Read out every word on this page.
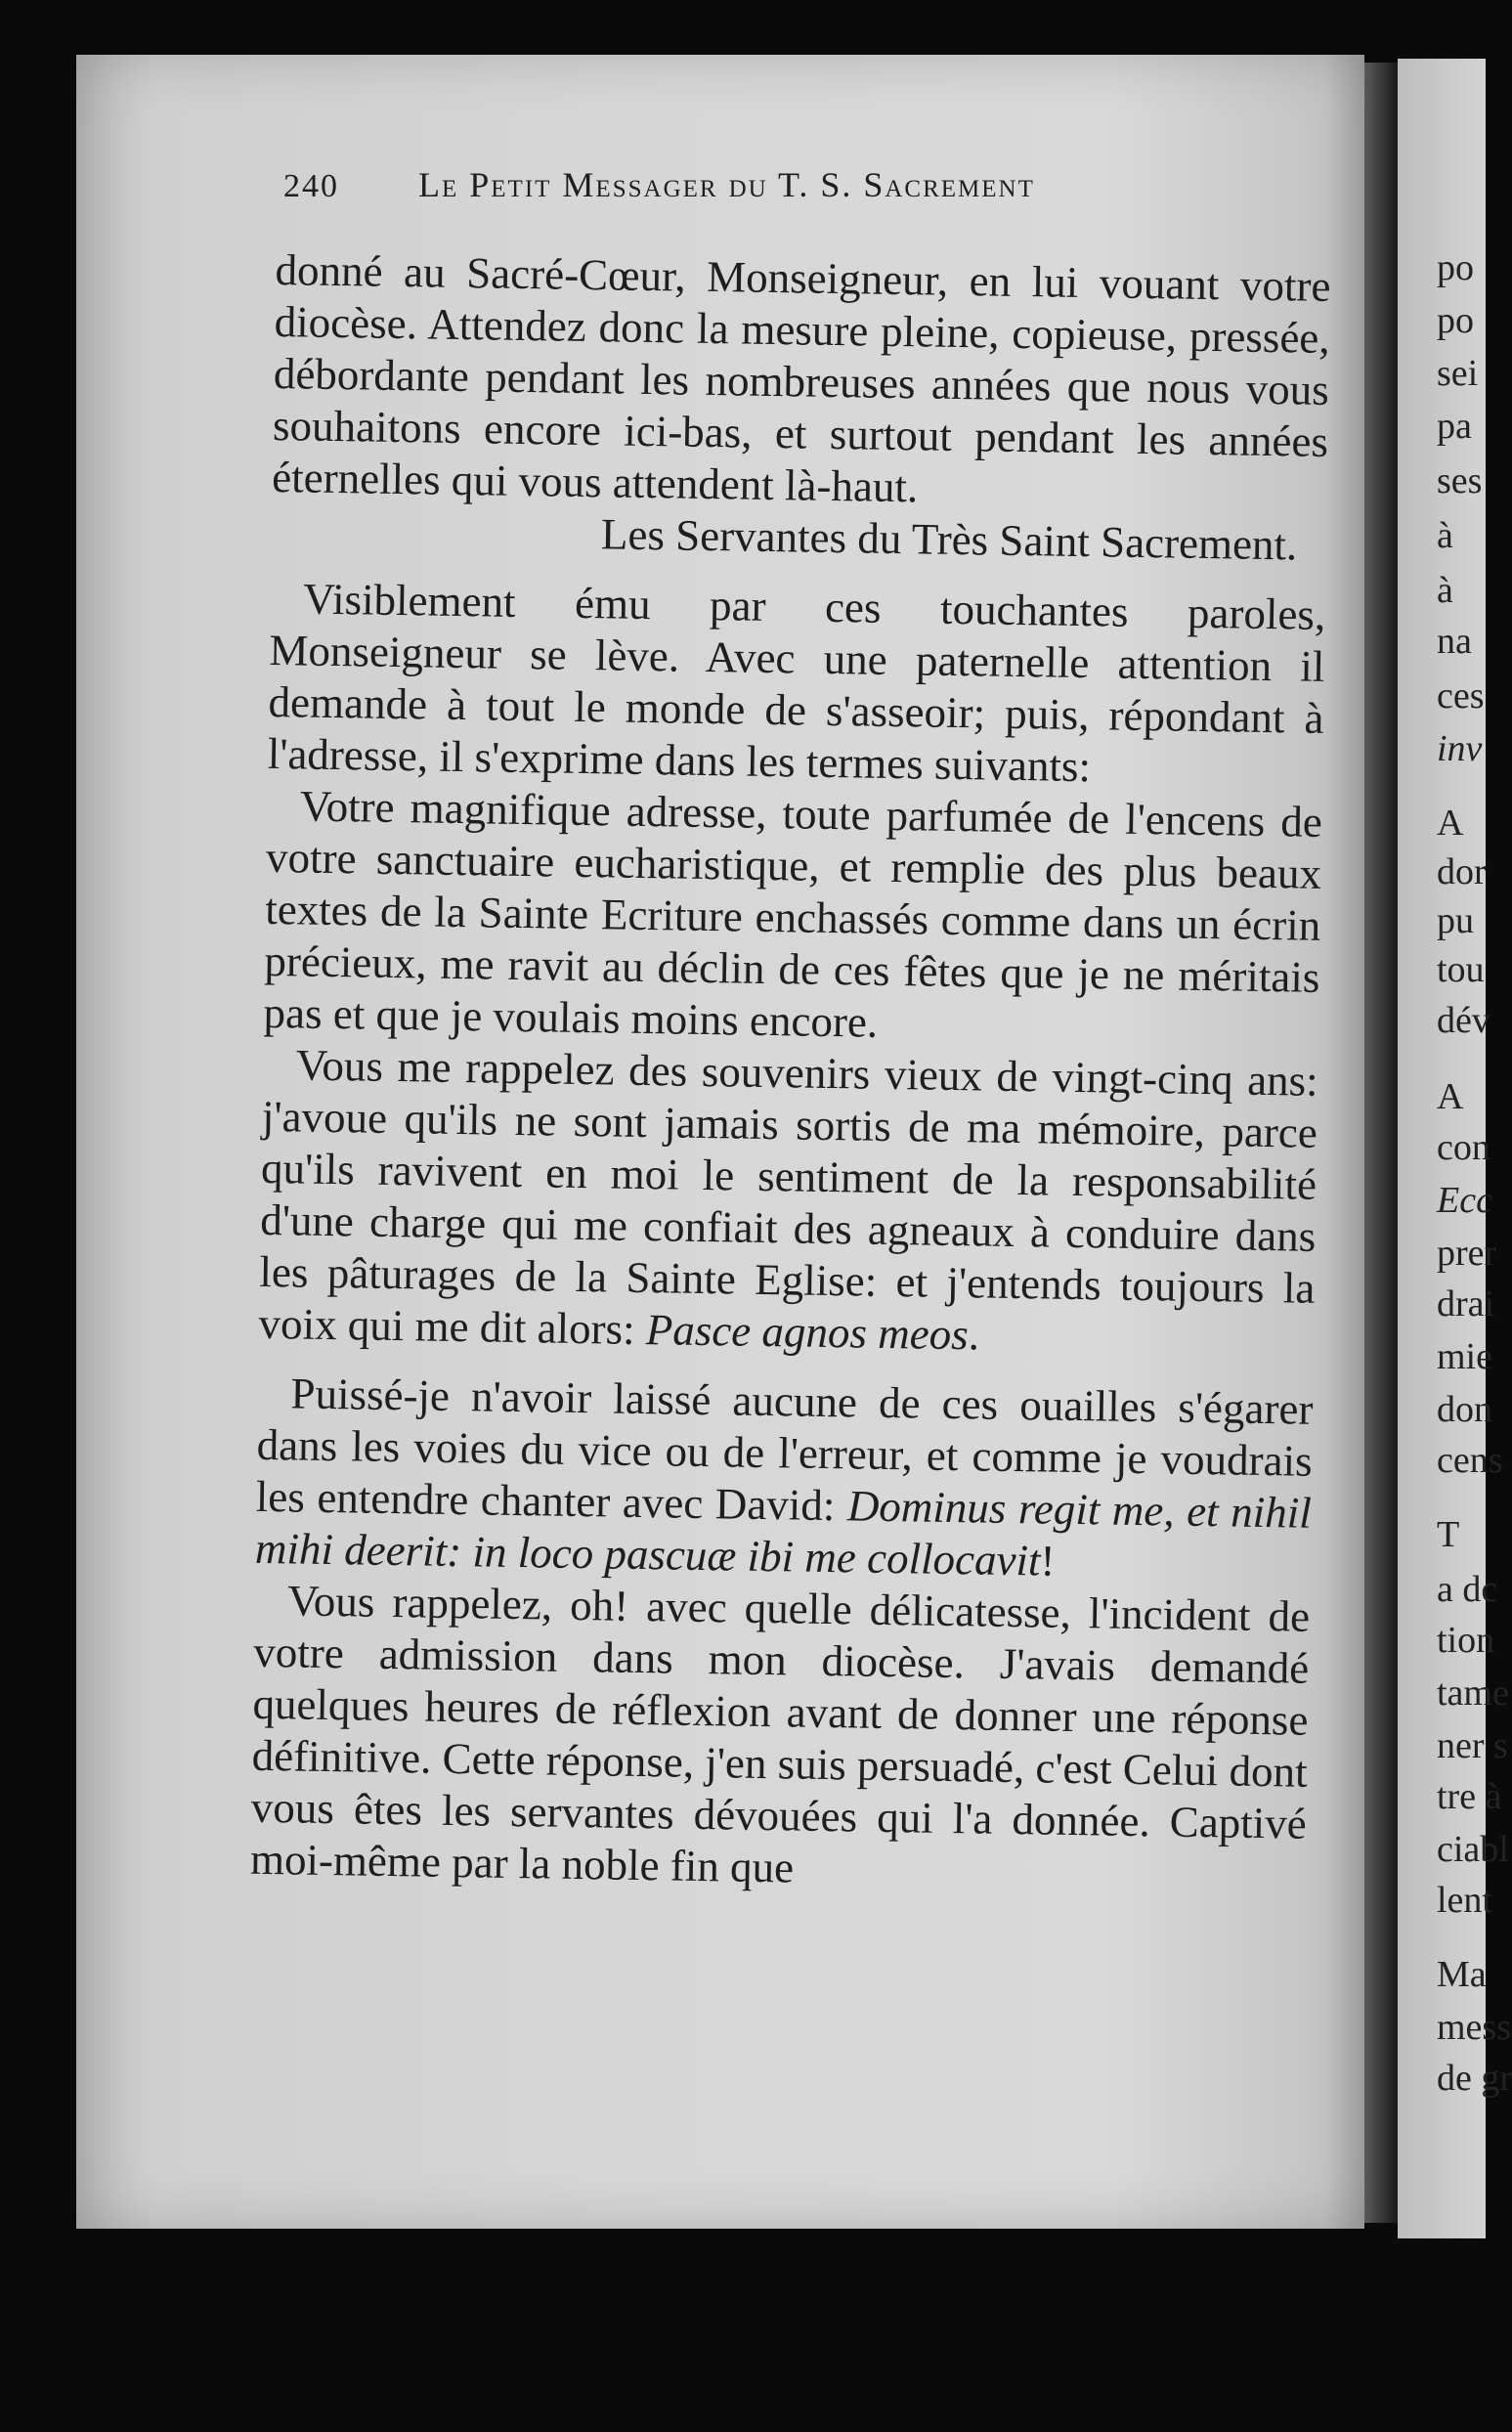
po
po
sei
pa
ses
à
à
na
ces
inv
A
dor
pu
tou
dév
A
con
Ecc
prer
drai
mie
don
cens
T
a dc
tion
tame
ner s
tre à
ciabl
lent
Ma
mess
de gr
240 Le Petit Messager du T. S. Sacrement

donné au Sacré-Cœur, Monseigneur, en lui vouant votre diocèse. Attendez donc la mesure pleine, copieuse, pressée, débordante pendant les nombreuses années que nous vous souhaitons encore ici-bas, et surtout pendant les années éternelles qui vous attendent là-haut.

Les Servantes du Très Saint Sacrement.

Visiblement ému par ces touchantes paroles, Monseigneur se lève. Avec une paternelle attention il demande à tout le monde de s'asseoir; puis, répondant à l'adresse, il s'exprime dans les termes suivants:

Votre magnifique adresse, toute parfumée de l'encens de votre sanctuaire eucharistique, et remplie des plus beaux textes de la Sainte Ecriture enchassés comme dans un écrin précieux, me ravit au déclin de ces fêtes que je ne méritais pas et que je voulais moins encore.

Vous me rappelez des souvenirs vieux de vingt-cinq ans: j'avoue qu'ils ne sont jamais sortis de ma mémoire, parce qu'ils ravivent en moi le sentiment de la responsabilité d'une charge qui me confiait des agneaux à conduire dans les pâturages de la Sainte Eglise: et j'entends toujours la voix qui me dit alors: Pasce agnos meos.

Puissé-je n'avoir laissé aucune de ces ouailles s'égarer dans les voies du vice ou de l'erreur, et comme je voudrais les entendre chanter avec David: Dominus regit me, et nihil mihi deerit: in loco pascuæ ibi me collocavit!

Vous rappelez, oh! avec quelle délicatesse, l'incident de votre admission dans mon diocèse. J'avais demandé quelques heures de réflexion avant de donner une réponse définitive. Cette réponse, j'en suis persuadé, c'est Celui dont vous êtes les servantes dévouées qui l'a donnée. Captivé moi-même par la noble fin que
